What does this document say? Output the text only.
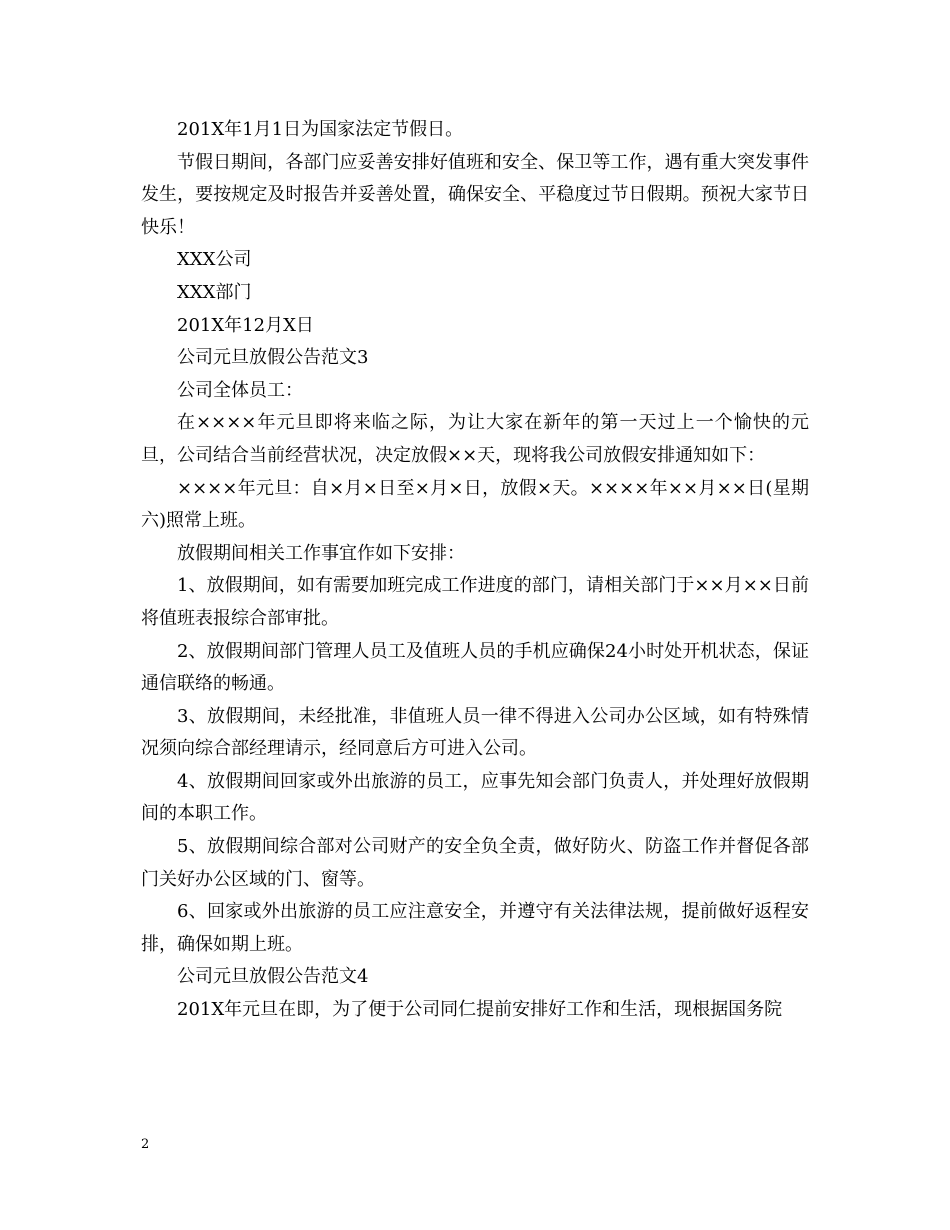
201X年1月1日为国家法定节假日。

节假日期间，各部门应妥善安排好值班和安全、保卫等工作，遇有重大突发事件发生，要按规定及时报告并妥善处置，确保安全、平稳度过节日假期。预祝大家节日快乐！

XXX公司

XXX部门

201X年12月X日

公司元旦放假公告范文3

公司全体员工：

在××××年元旦即将来临之际，为让大家在新年的第一天过上一个愉快的元旦，公司结合当前经营状况，决定放假××天，现将我公司放假安排通知如下：

××××年元旦：自×月×日至×月×日，放假×天。××××年××月××日(星期六)照常上班。

放假期间相关工作事宜作如下安排：

1、放假期间，如有需要加班完成工作进度的部门，请相关部门于××月××日前将值班表报综合部审批。

2、放假期间部门管理人员工及值班人员的手机应确保24小时处开机状态，保证通信联络的畅通。

3、放假期间，未经批准，非值班人员一律不得进入公司办公区域，如有特殊情况须向综合部经理请示，经同意后方可进入公司。

4、放假期间回家或外出旅游的员工，应事先知会部门负责人，并处理好放假期间的本职工作。

5、放假期间综合部对公司财产的安全负全责，做好防火、防盗工作并督促各部门关好办公区域的门、窗等。

6、回家或外出旅游的员工应注意安全，并遵守有关法律法规，提前做好返程安排，确保如期上班。

公司元旦放假公告范文4

201X年元旦在即，为了便于公司同仁提前安排好工作和生活，现根据国务院

2
